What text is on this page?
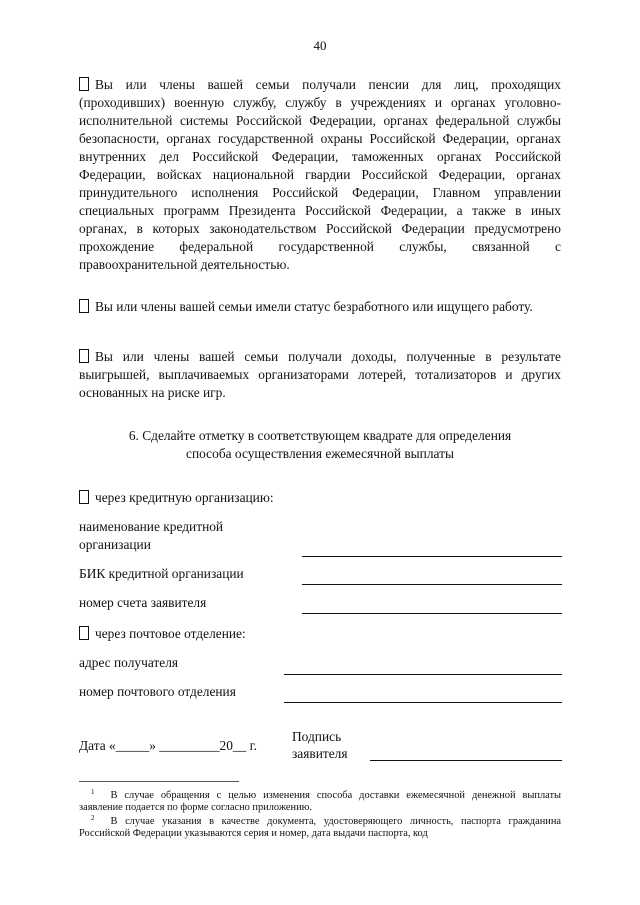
40
Вы или члены вашей семьи получали пенсии для лиц, проходящих (проходивших) военную службу, службу в учреждениях и органах уголовно-исполнительной системы Российской Федерации, органах федеральной службы безопасности, органах государственной охраны Российской Федерации, органах внутренних дел Российской Федерации, таможенных органах Российской Федерации, войсках национальной гвардии Российской Федерации, органах принудительного исполнения Российской Федерации, Главном управлении специальных программ Президента Российской Федерации, а также в иных органах, в которых законодательством Российской Федерации предусмотрено прохождение федеральной государственной службы, связанной с правоохранительной деятельностью.
Вы или члены вашей семьи имели статус безработного или ищущего работу.
Вы или члены вашей семьи получали доходы, полученные в результате выигрышей, выплачиваемых организаторами лотерей, тотализаторов и других основанных на риске игр.
6. Сделайте отметку в соответствующем квадрате для определения
способа осуществления ежемесячной выплаты
через кредитную организацию:
наименование кредитной
организации
БИК кредитной организации
номер счета заявителя
через почтовое отделение:
адрес получателя
номер почтового отделения
Дата «_____» _________20__ г.
Подпись
заявителя
$^1$ В случае обращения с целью изменения способа доставки ежемесячной денежной выплаты заявление подается по форме согласно приложению.
$^2$ В случае указания в качестве документа, удостоверяющего личность, паспорта гражданина Российской Федерации указываются серия и номер, дата выдачи паспорта, код
